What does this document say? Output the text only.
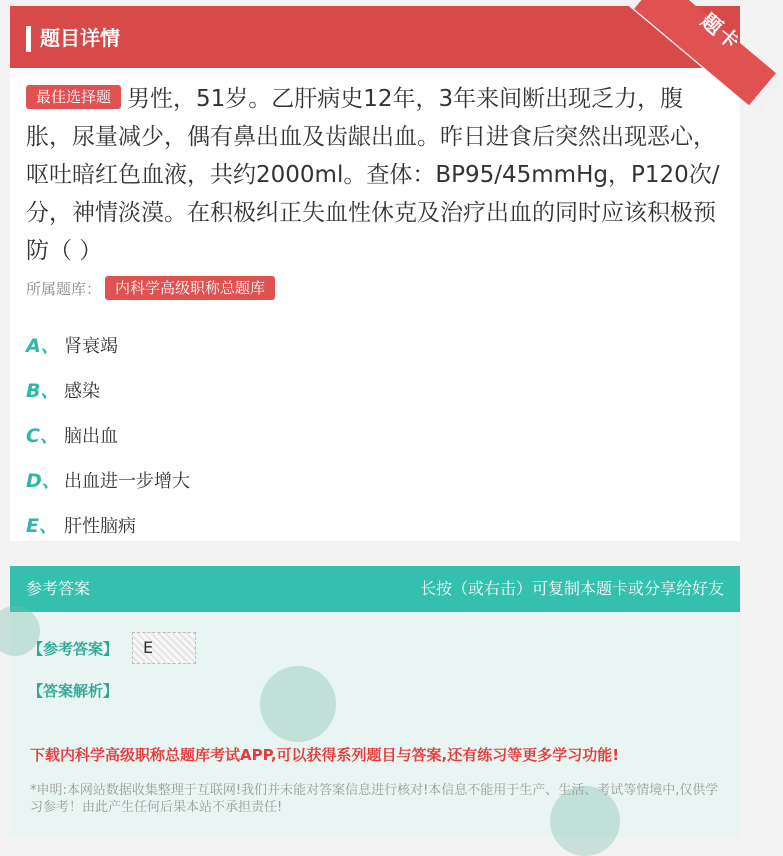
题目详情	题卡
最佳选择题 男性，51岁。乙肝病史12年，3年来间断出现乏力，腹胀，尿量减少，偶有鼻出血及齿龈出血。昨日进食后突然出现恶心，呕吐暗红色血液，共约2000ml。查体：BP95/45mmHg，P120次/分，神情淡漠。在积极纠正失血性休克及治疗出血的同时应该积极预防（ ）
所属题库： 内科学高级职称总题库
A、 肾衰竭
B、 感染
C、 脑出血
D、 出血进一步增大
E、 肝性脑病
参考答案	长按（或右击）可复制本题卡或分享给好友
【参考答案】	E
【答案解析】
下载内科学高级职称总题库考试APP,可以获得系列题目与答案,还有练习等更多学习功能!
*申明:本网站数据收集整理于互联网!我们并未能对答案信息进行核对!本信息不能用于生产、生活、考试等情境中,仅供学习参考！由此产生任何后果本站不承担责任!
